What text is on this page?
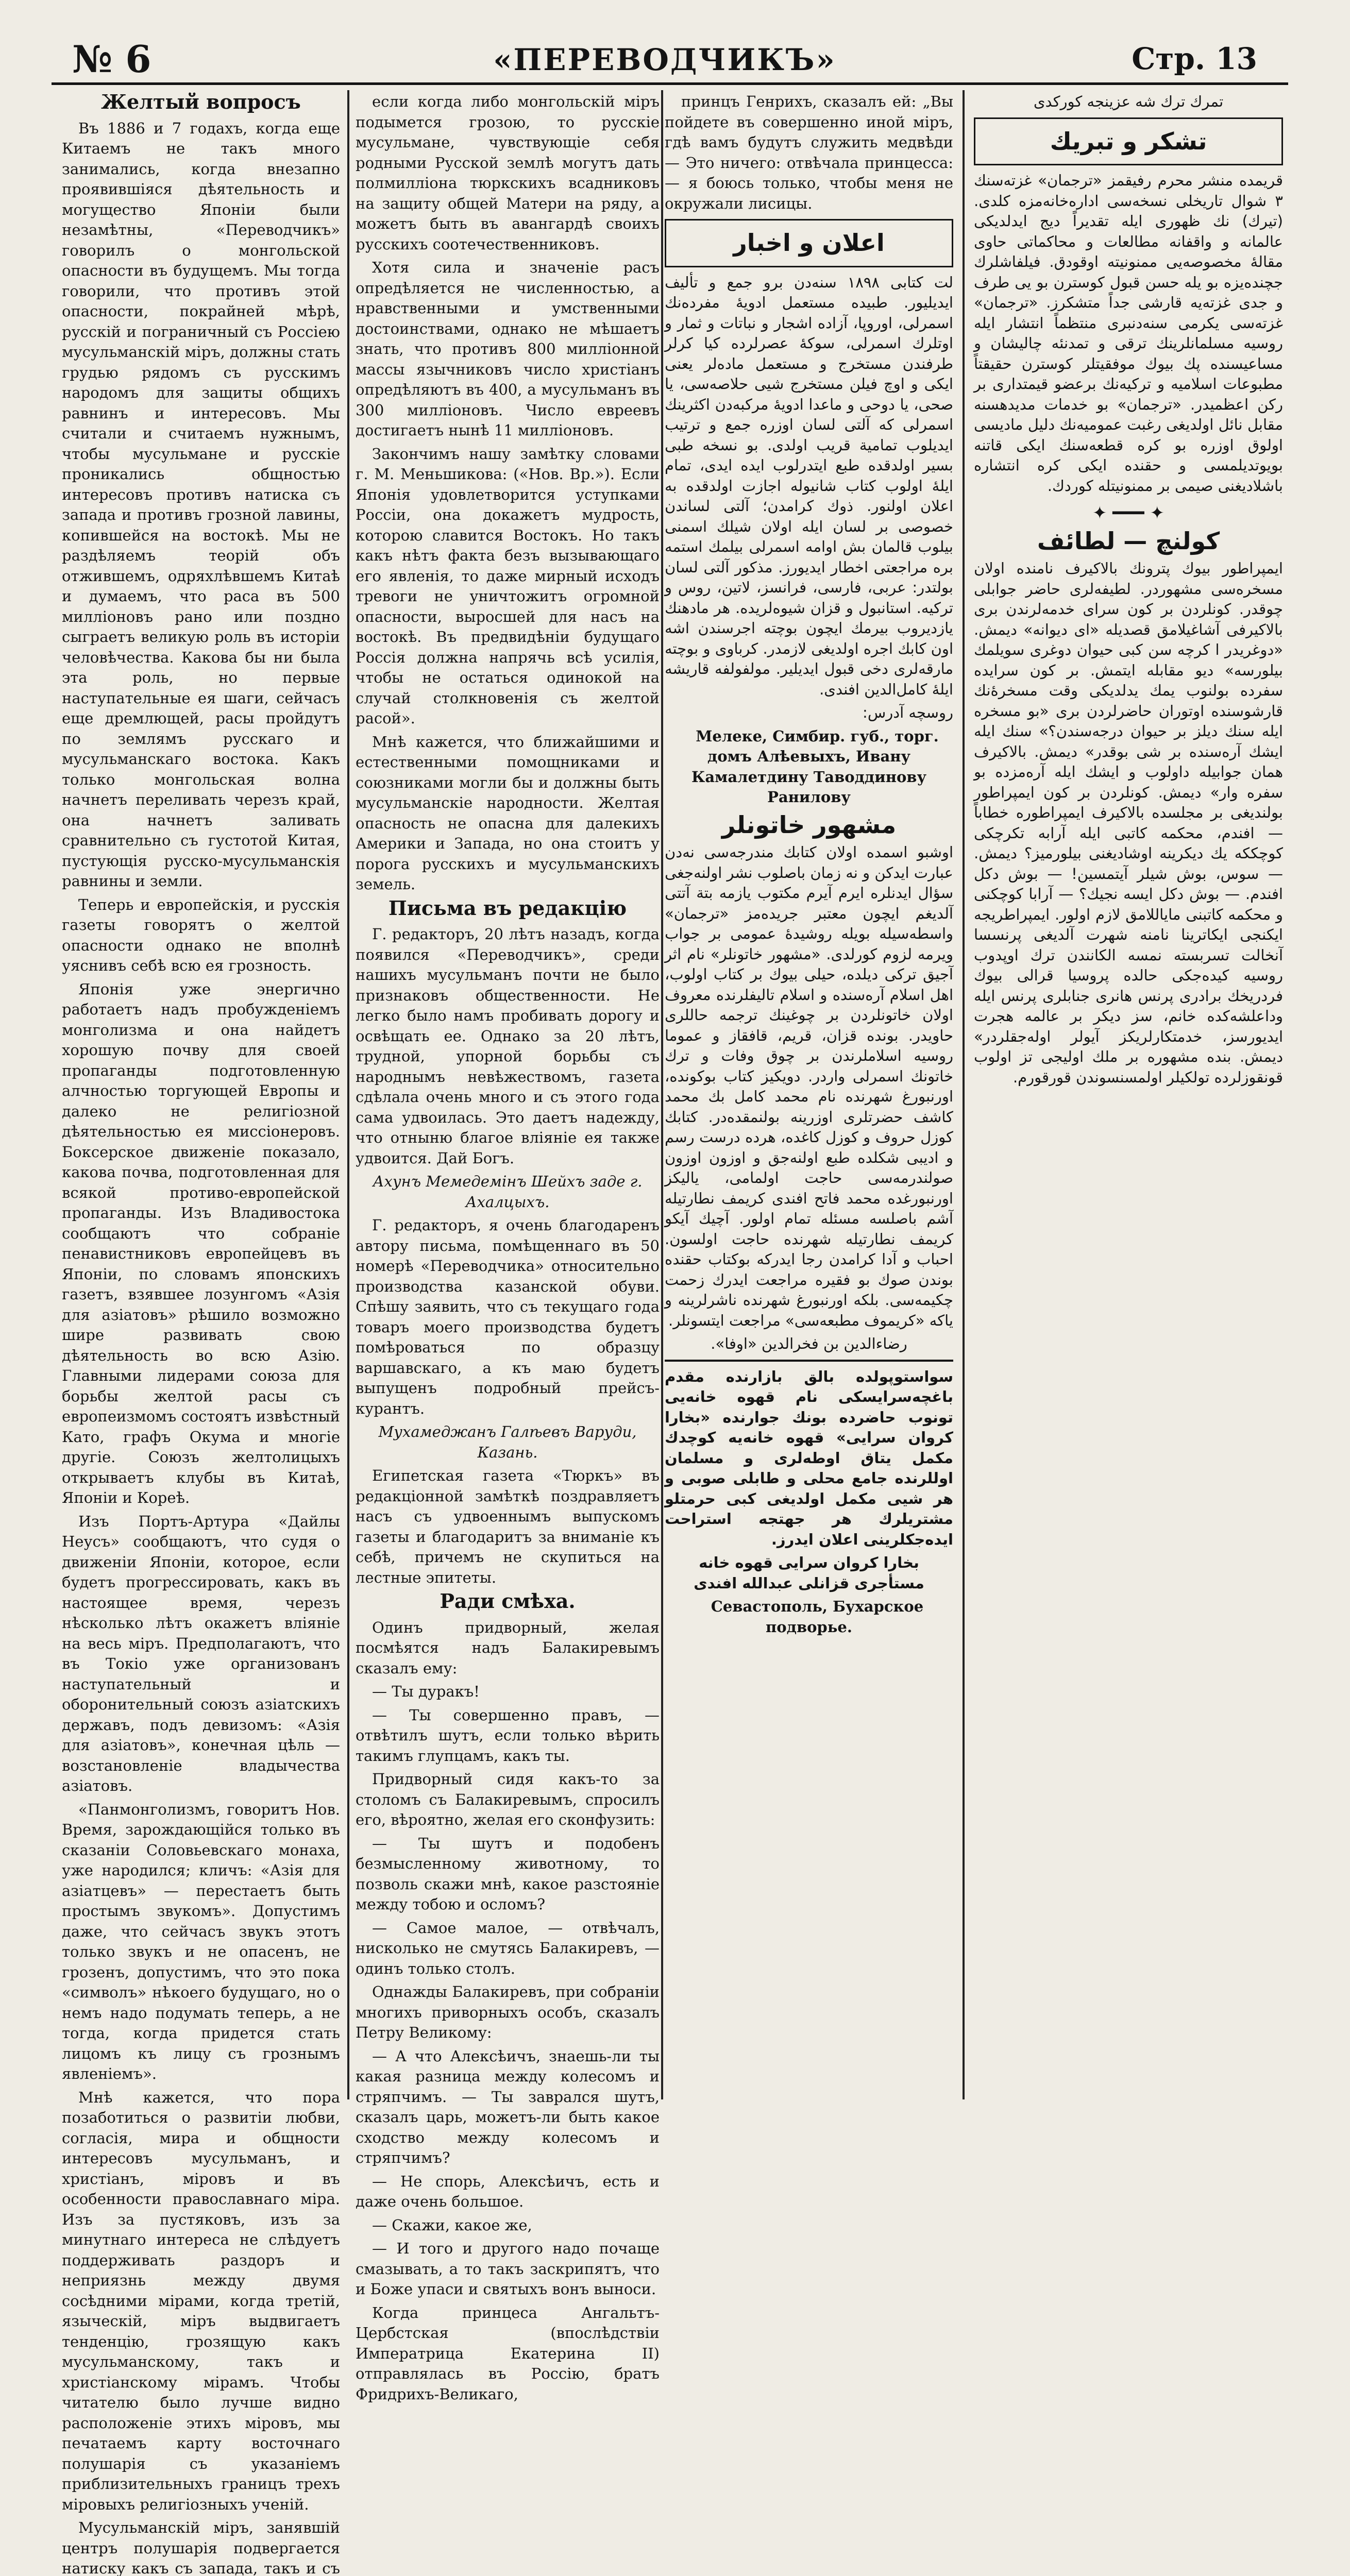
№ 6	«ПЕРЕВОДЧИКЪ»	Стр. 13
Желтый вопросъ

Въ 1886 и 7 годахъ, когда еще Китаемъ не такъ много занимались, когда внезапно проявившіяся дѣятельность и могущество Японіи были незамѣтны, «Переводчикъ» говорилъ о монгольской опасности въ будущемъ. Мы тогда говорили, что противъ этой опасности, покрайней мѣрѣ, русскій и пограничный съ Россіею мусульманскій міръ, должны стать грудью рядомъ съ русскимъ народомъ для защиты общихъ равнинъ и интересовъ. Мы считали и считаемъ нужнымъ, чтобы мусульмане и русскіе проникались общностью интересовъ противъ натиска съ запада и противъ грозной лавины, копившейся на востокѣ. Мы не раздѣляемъ теорій объ отжившемъ, одряхлѣвшемъ Китаѣ и думаемъ, что раса въ 500 милліоновъ рано или поздно сыграетъ великую роль въ исторіи человѣчества. Какова бы ни была эта роль, но первые наступательные ея шаги, сейчасъ еще дремлющей, расы пройдутъ по землямъ русскаго и мусульманскаго востока. Какъ только монгольская волна начнетъ переливать черезъ край, она начнетъ заливать сравнительно съ густотой Китая, пустующія русско-мусульманскія равнины и земли.

Теперь и европейскія, и русскія газеты говорятъ о желтой опасности однако не вполнѣ уяснивъ себѣ всю ея грозность.

Японія уже энергично работаетъ надъ пробужденіемъ монголизма и она найдетъ хорошую почву для своей пропаганды подготовленную алчностью торгующей Европы и далеко не религіозной дѣятельностью ея миссіонеровъ. Боксерское движеніе показало, какова почва, подготовленная для всякой противо-европейской пропаганды. Изъ Владивостока сообщаютъ что собраніе пенавистниковъ европейцевъ въ Японіи, по словамъ японскихъ газетъ, взявшее лозунгомъ «Азія для азіатовъ» рѣшило возможно шире развивать свою дѣятельность во всю Азію. Главными лидерами союза для борьбы желтой расы съ европеизмомъ состоятъ извѣстный Като, графъ Окума и многіе другіе. Союзъ желтолицыхъ открываетъ клубы въ Китаѣ, Японіи и Кореѣ.

Изъ Портъ-Артура «Дайлы Неусъ» сообщаютъ, что судя о движеніи Японіи, которое, если будетъ прогрессировать, какъ въ настоящее время, черезъ нѣсколько лѣтъ окажетъ вліяніе на весь міръ. Предполагаютъ, что въ Токіо уже организованъ наступательный и оборонительный союзъ азіатскихъ державъ, подъ девизомъ: «Азія для азіатовъ», конечная цѣль — возстановленіе владычества азіатовъ.

«Панмонголизмъ, говоритъ Нов. Время, зарождающійся только въ сказаніи Соловьевскаго монаха, уже народился; кличъ: «Азія для азіатцевъ» — перестаетъ быть простымъ звукомъ». Допустимъ даже, что сейчасъ звукъ этотъ только звукъ и не опасенъ, не грозенъ, допустимъ, что это пока «символъ» нѣкоего будущаго, но о немъ надо подумать теперь, а не тогда, когда придется стать лицомъ къ лицу съ грознымъ явленіемъ».

Мнѣ кажется, что пора позаботиться о развитіи любви, согласія, мира и общности интересовъ мусульманъ, и христіанъ, міровъ и въ особенности православнаго міра. Изъ за пустяковъ, изъ за минутнаго интереса не слѣдуетъ поддерживать раздоръ и неприязнь между двумя сосѣдними мірами, когда третій, языческій, міръ выдвигаетъ тенденцію, грозящую какъ мусульманскому, такъ и христіанскому мірамъ. Чтобы читателю было лучше видно расположеніе этихъ міровъ, мы печатаемъ карту восточнаго полушарія съ указаніемъ приблизительныхъ границъ трехъ міровыхъ религіозныхъ ученій.

Мусульманскій міръ, занявшій центръ полушарія подвергается натиску какъ съ запада, такъ и съ

если когда либо монгольскій міръ подымется грозою, то русскіе мусульмане, чувствующіе себя родными Русской землѣ могутъ дать полмилліона тюркскихъ всадниковъ на защиту общей Матери на ряду, а можетъ быть въ авангардѣ своихъ русскихъ соотечественниковъ.

Хотя сила и значеніе расъ опредѣляется не численностью, а нравственными и умственными достоинствами, однако не мѣшаетъ знать, что противъ 800 милліонной массы язычниковъ число христіанъ опредѣляютъ въ 400, а мусульманъ въ 300 милліоновъ. Число евреевъ достигаетъ нынѣ 11 милліоновъ.

Закончимъ нашу замѣтку словами г. М. Меньшикова: («Нов. Вр.»). Если Японія удовлетворится уступками Россіи, она докажетъ мудрость, которою славится Востокъ. Но такъ какъ нѣтъ факта безъ вызывающаго его явленія, то даже мирный исходъ тревоги не уничтожитъ огромной опасности, выросшей для насъ на востокѣ. Въ предвидѣніи будущаго Россія должна напрячь всѣ усилія, чтобы не остаться одинокой на случай столкновенія съ желтой расой».

Мнѣ кажется, что ближайшими и естественными помощниками и союзниками могли бы и должны быть мусульманскіе народности. Желтая опасность не опасна для далекихъ Америки и Запада, но она стоитъ у порога русскихъ и мусульманскихъ земель.

Письма въ редакцію

Г. редакторъ, 20 лѣтъ назадъ, когда появился «Переводчикъ», среди нашихъ мусульманъ почти не было признаковъ общественности. Не легко было намъ пробивать дорогу и освѣщать ее. Однако за 20 лѣтъ, трудной, упорной борьбы съ народнымъ невѣжествомъ, газета сдѣлала очень много и съ этого года сама удвоилась. Это даетъ надежду, что отныню благое вліяніе ея также удвоится. Дай Богъ.

Ахунъ Мемедемінъ Шейхъ заде г. Ахалцыхъ.

Г. редакторъ, я очень благодаренъ автору письма, помѣщеннаго въ 50 номерѣ «Переводчика» относительно производства казанской обуви. Спѣшу заявить, что съ текущаго года товаръ моего производства будетъ помѣроваться по образцу варшавскаго, а къ маю будетъ выпущенъ подробный прейсъ-курантъ.

Мухамеджанъ Галѣевъ Варуди, Казань.

Египетская газета «Тюркъ» въ редакціонной замѣткѣ поздравляетъ насъ съ удвоеннымъ выпускомъ газеты и благодаритъ за вниманіе къ себѣ, причемъ не скупиться на лестные эпитеты.

Ради смѣха.

Одинъ придворный, желая посмѣятся надъ Балакиревымъ сказалъ ему:

— Ты дуракъ!

— Ты совершенно правъ, — отвѣтилъ шутъ, если только вѣрить такимъ глупцамъ, какъ ты.

Придворный сидя какъ-то за столомъ съ Балакиревымъ, спросилъ его, вѣроятно, желая его сконфузить:

— Ты шутъ и подобенъ безмысленному животному, то позволь скажи мнѣ, какое разстояніе между тобою и осломъ?

— Самое малое, — отвѣчалъ, нисколько не смутясь Балакиревъ, — одинъ только столъ.

Однажды Балакиревъ, при собраніи многихъ приворныхъ особъ, сказалъ Петру Великому:

— А что Алексѣичъ, знаешь-ли ты какая разница между колесомъ и стряпчимъ. — Ты заврался шутъ, сказалъ царь, можетъ-ли быть какое сходство между колесомъ и стряпчимъ?

— Не спорь, Алексѣичъ, есть и даже очень большое.

— Скажи, какое же,

— И того и другого надо почаще смазывать, а то такъ заскрипятъ, что и Боже упаси и святыхъ вонъ выноси.

Когда принцеса Ангальтъ-Цербстская (впослѣдствіи Императрица Екатерина II) отправлялась въ Россію, братъ Фридрихъ-Великаго,

принцъ Генрихъ, сказалъ ей: „Вы пойдете въ совершенно иной міръ, гдѣ вамъ будутъ служить медвѣди — Это ничего: отвѣчала принцесса: — я боюсь только, чтобы меня не окружали лисицы.

اعلان و اخبار

لت كتابى ١٨٩٨ سنه‌دن برو جمع و تأليف ايديليور. طبيده مستعمل ادويهٔ مفرده‌نك اسمرلى، اوروپا، آزاده اشجار و نباتات و ثمار و اوتلرك اسمرلى، سوكهٔ عصرلرده كيا كرلر طرفندن مستخرج و مستعمل ماده‌لر يعنى ايكى و اوچ فيلن مستخرج شيى حلاصه‌سى، يا صحى، يا دوحى و ماعدا ادويهٔ مركبه‌دن اكثرينك اسمرلى كه آلتى لسان اوزره جمع و ترتيب ايديلوب تمامية قريب اولدى. بو نسخه طبى بسير اولدقده طبع ايتدرلوب ايده ايدى، تمام ايلهٔ اولوب كتاب شانيوله اجازت اولدقده به اعلان اولنور. ذوك كرامدن؛ آلتى لساندن خصوصى بر لسان ايله اولان شيلك اسمنى بيلوب قالمان بش اوامه اسمرلى بيلمك استمه بره مراجعتى اخطار ايديورز. مذكور آلتى لسان بولتدر: عربى، فارسى، فرانسز، لاتين، روس و تركيه. استانبول و قزان شيوه‌لريده. هر مادهنك يازديروب بيرمك ايچون بوچته اجرسندن اشه اون كابك اجره اولديغى لازمدر. كرباوى و بوچته مارقه‌لرى دخى قبول ايديلير. مولفولفه قاريشه ايلهٔ كامل‌الدين افندى.

روسچه آدرس:

Мелеке, Симбир. губ., торг. домъ Алѣевыхъ, Ивану Камалетдину Таводдинову Ранилову

مشهور خاتونلر

اوشبو اسمده اولان كتابك مندرجه‌سى نه‌دن عبارت ايدكن و نه زمان باصلوب نشر اولنه‌جغى سؤال ايدنلره ايرم آيرم مكتوب يازمه بتة آتتى آلديغم ايچون معتبر جريده‌مز «ترجمان» واسطه‌سيله بويله روشيدهٔ عمومى بر جواب ويرمه لزوم كورلدى. «مشهور خاتونلر» نام اثر آجيق تركى ديلده، حيلى بيوك بر كتاب اولوب، اهل اسلام آره‌سنده و اسلام تاليفلرنده معروف اولان خاتونلردن بر چوغينك ترجمه حاللرى حاويدر. بونده قزان، قريم، قافقاز و عموما روسيه اسلاملرندن بر چوق وفات و ترك خاتونك اسمرلى واردر. دويكيز كتاب بوكونده، اورنبورغ شهرنده نام محمد كامل بك محمد كاشف حضرتلرى اوزرينه بولنمقده‌در. كتابك كوزل حروف و كوزل كاغده، هرده درست رسم و اديبى شكلده طبع اولنه‌جق و اوزون اوزون صولندرمه‌سى حاجت اولمامى، ياليكز اورنبورغده محمد فاتح افندى كريمف نطارتيله آشم باصلسه مسئله تمام اولور. آچيك آيكو كريمف نطارتيله شهرنده حاجت اولسون. احباب و آدا كرامدن رجا ايدركه بوكتاب حقنده بوندن صوك بو فقيره مراجعت ايدرك زحمت چكيمه‌سى. بلكه اورنبورغ شهرنده ناشرلرينه و ياكه «كريموف مطبعه‌سى» مراجعت ايتسونلر.

رضاءالدين بن فخرالدين «اوفا».

سواستوپولده بالق بازارنده مقدم باغچه‌سرايسكى نام قهوه خانه‌يى تونوب حاضرده بونك جوارنده «بخارا كروان سرايى» قهوه خانه‌يه كوچدك مكمل يتاق اوطه‌لرى و مسلمان اوللرنده جامع محلى و طابلى صوبى و هر شيى مكمل اولديغى كبى حرمتلو مشتريلرك هر جهتجه استراحت ايده‌جكلرينى اعلان ايدرز.

بخارا كروان سرايى قهوه خانه مستأجرى قزانلى عبدالله افندى

Севастополь, Бухарское подворье.

تمرك ترك شه عزينجه كوركدى
تشكر و تبريك

قريمده منشر محرم رفيقمز «ترجمان» غزته‌سنك ٣ شوال تاريخلى نسخه‌سى اداره‌خانه‌مزه كلدى. (تيرك) نك ظهورى ايله تقديراً ديج ايدلديكى عالمانه و واقفانه مطالعات و محاكماتى حاوى مقالهٔ مخصوصه‌يى ممنونيته اوقودق. فيلفاشلرك جچنده‌يزه بو يله حسن قبول كوسترن بو يى طرف و جدى غزته‌يه قارشى جداً متشكرز. «ترجمان» غزته‌سى يكرمى سنه‌دنبرى منتظماً انتشار ايله روسيه مسلمانلرينك ترقى و تمدنئه چاليشان و مساعيسنده پك بيوك موفقيتلر كوسترن حقيقتاً مطبوعات اسلاميه و تركيه‌نك برعضو قيمتدارى بر ركن اعظميدر. «ترجمان» بو خدمات مديدهسنه مقابل نائل اولديغى رغبت عموميه‌نك دليل ماديسى اولوق اوزره بو كره قطعه‌سنك ايكى قاتنه بويوتديلمسى و حقنده ايكى كره انتشاره باشلاديغنى صيمى بر ممنونيتله كوردك.

✦ ━━━ ✦
كولنچ — لطائف

ايمپراطور بيوك پترونك بالاكيرف نامنده اولان مسخره‌سى مشهوردر. لطيفه‌لرى حاضر جوابلى چوقدر. كونلردن بر كون سراى خدمه‌لرندن برى بالاكيرفى آشاغيلامق قصديله «اى ديوانه» ديمش. «دوغريدر ا كرچه سن كبى حيوان دوغرى سويلمك بيلورسه» ديو مقابله ايتمش. بر كون سرايده سفرده بولنوب يمك يدلديكى وقت مسخرهٔ‌نك قارشوسنده اوتوران حاضرلردن برى «بو مسخره ايله سنك ديلز بر حيوان درجه‌سندن؟» سنك ايله ايشك آره‌سنده بر شى بوقدر» ديمش. بالاكيرف همان جوابيله داولوب و ايشك ايله آره‌مزده بو سفره وار» ديمش. كونلردن بر كون ايمپراطور بولنديغى بر مجلسده بالاكيرف ايمپراطوره خطاباً — افندم، محكمه كاتبى ايله آرابه تكرچكى كوچككه يك ديكرينه اوشاديغنى بيلورميز؟ ديمش. — سوس، بوش شيلر آيتمسين! — بوش دكل افندم. — بوش دكل ايسه نجيك؟ — آرابا كوچكنى و محكمه كاتبنى ماياللامق لازم اولور. ايمپراطريجه ايكنجى ايكاترينا نامنه شهرت آلديغى پرنسسا آنخالت تسربسته نمسه الكانندن ترك اوپدوب روسيه كيده‌جكى حالده پروسيا قرالى بيوك فردريخك برادرى پرنس هانرى جنابلرى پرنس ايله وداعلشه‌كده خانم، سز ديكر بر عالمه هجرت ايديورسز، خدمتكارلريكز آيولر اوله‌جقلردر» ديمش. بنده مشهوره بر ملك اوليجى تز اولوب قونقوزلرده تولكيلر اولمسنسوندن قورقورم.
